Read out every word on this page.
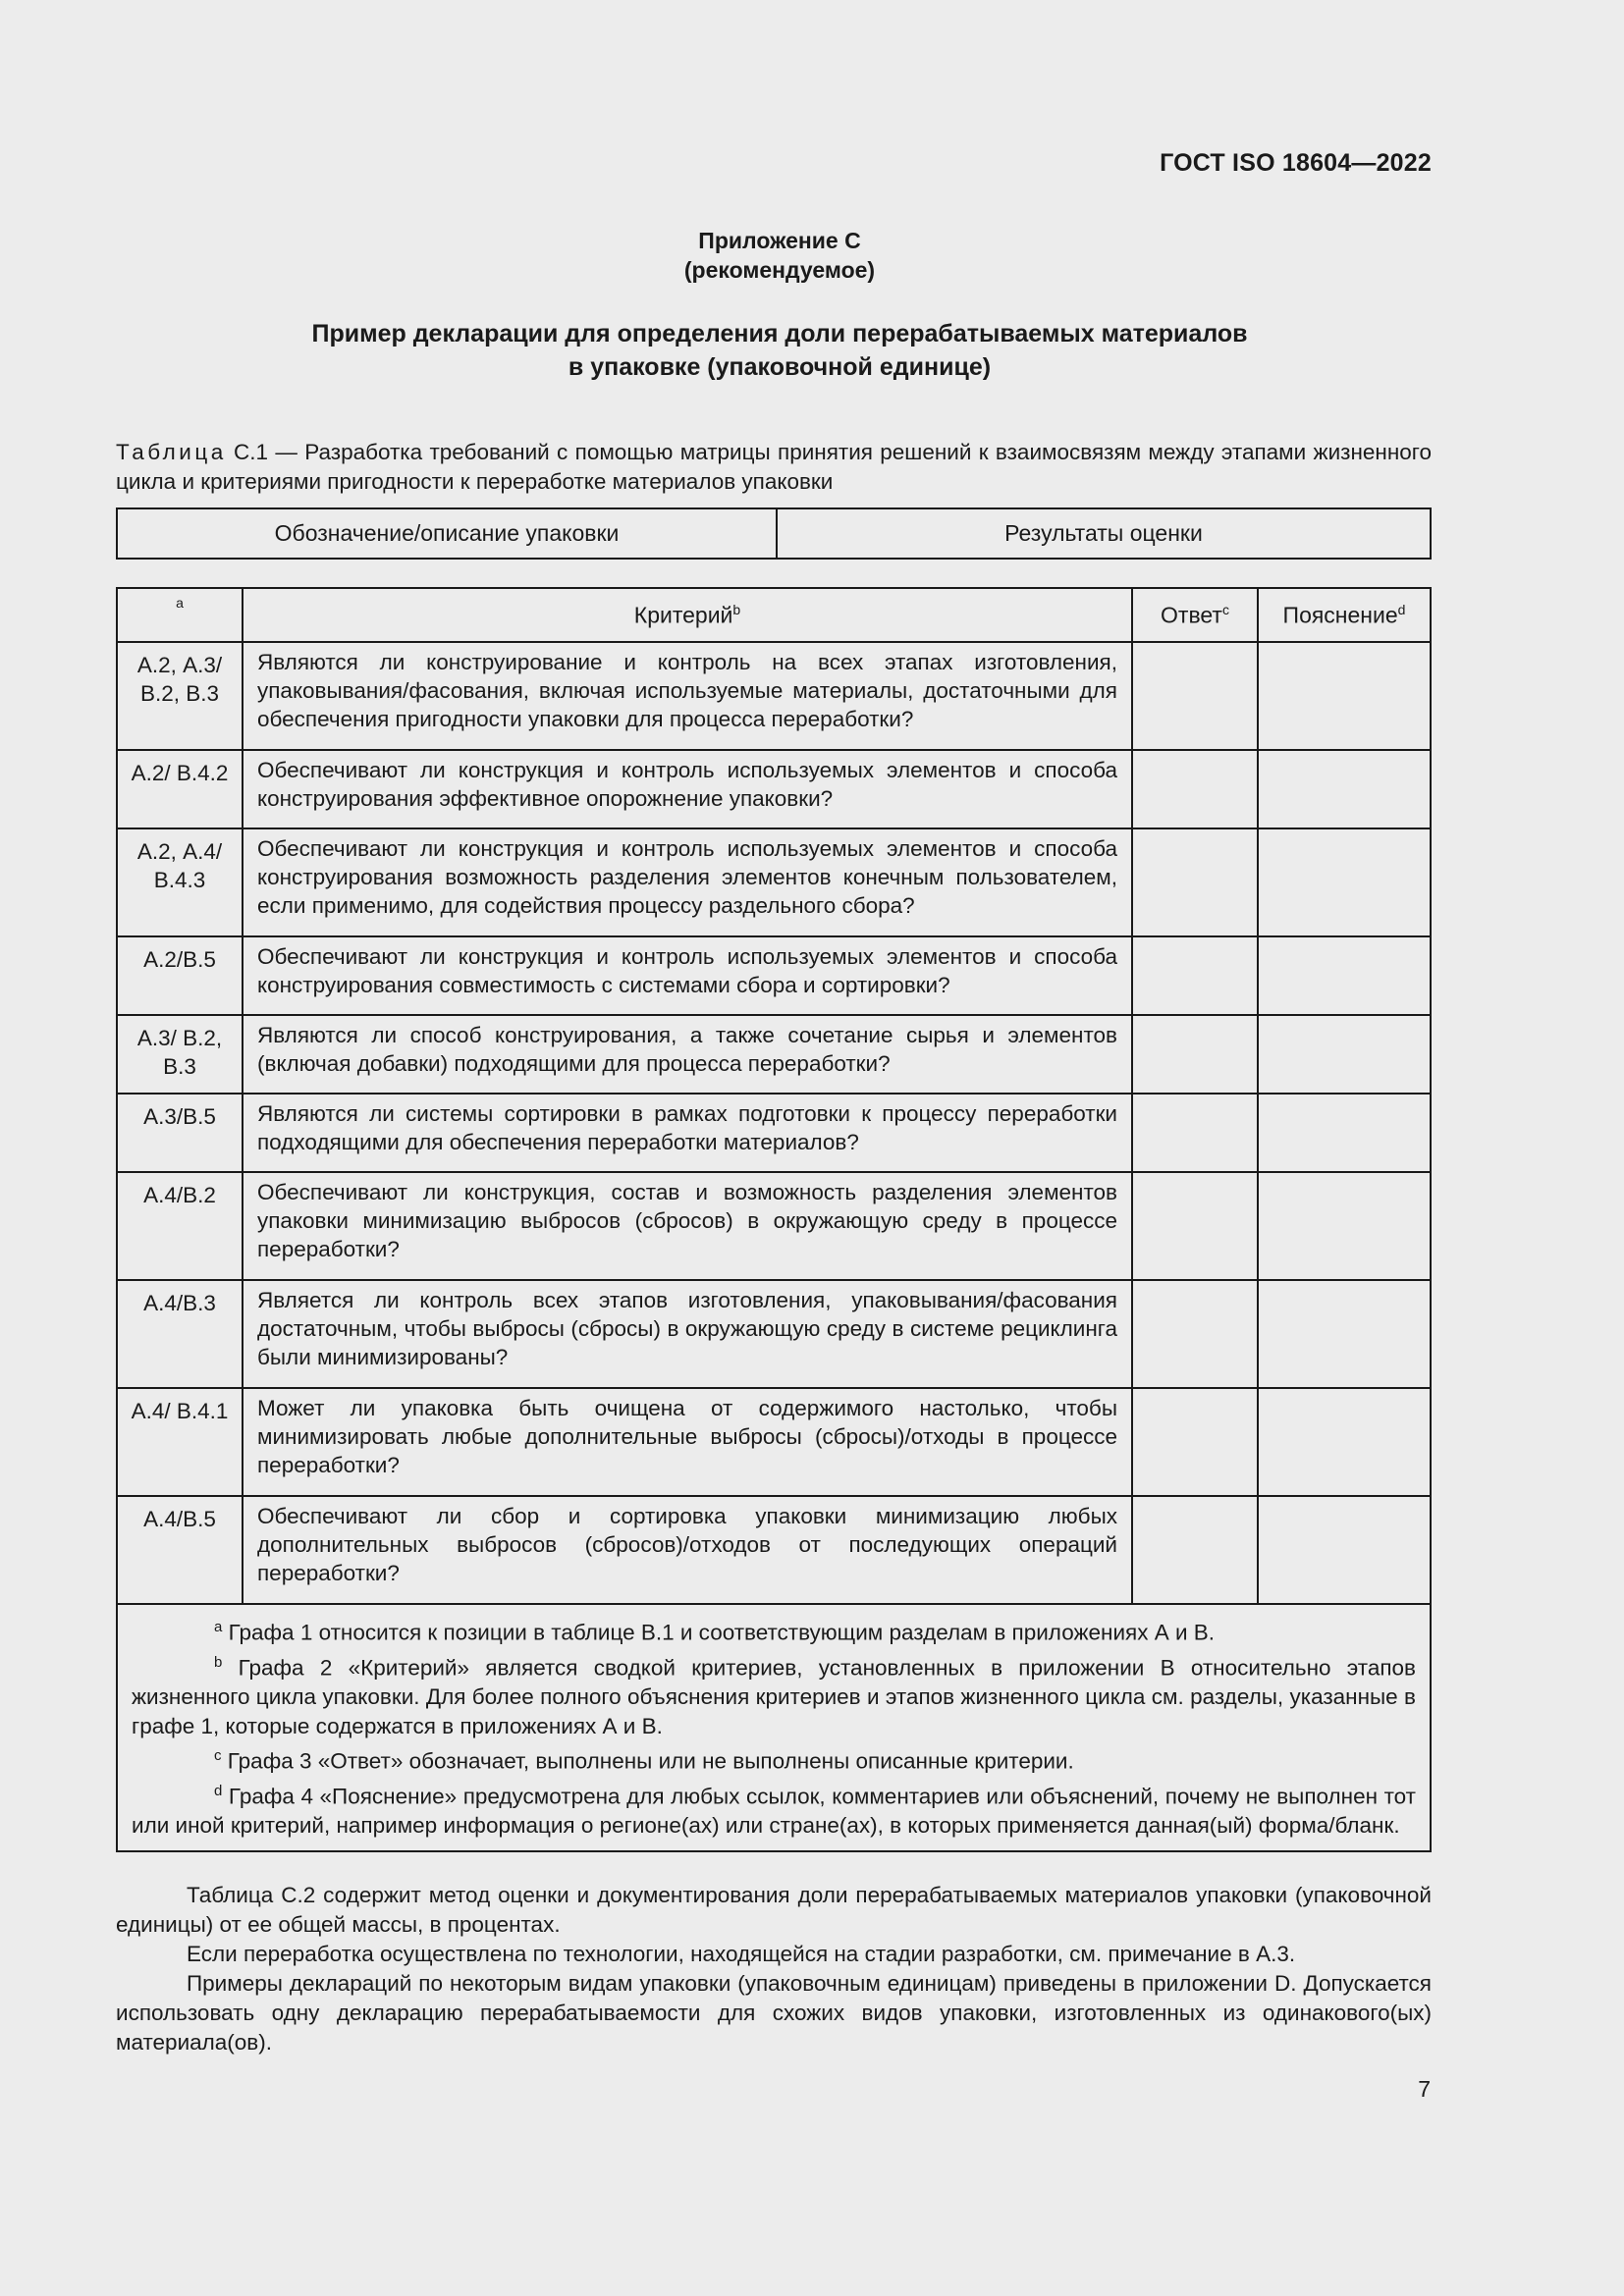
ГОСТ ISO 18604—2022
Приложение С
(рекомендуемое)
Пример декларации для определения доли перерабатываемых материалов
в упаковке (упаковочной единице)
Таблица С.1 — Разработка требований с помощью матрицы принятия решений к взаимосвязям между этапами жизненного цикла и критериями пригодности к переработке материалов упаковки
Обозначение/описание упаковки	Результаты оценки
$^a$	Критерий$^b$	Ответ$^c$	Пояснение$^d$
А.2, А.3/В.2, В.3	Являются ли конструирование и контроль на всех этапах изготовления, упаковывания/фасования, включая используемые материалы, достаточными для обеспечения пригодности упаковки для процесса переработки?		
А.2/ В.4.2	Обеспечивают ли конструкция и контроль используемых элементов и способа конструирования эффективное опорожнение упаковки?		
А.2, А.4/ В.4.3	Обеспечивают ли конструкция и контроль используемых элементов и способа конструирования возможность разделения элементов конечным пользователем, если применимо, для содействия процессу раздельного сбора?		
А.2/В.5	Обеспечивают ли конструкция и контроль используемых элементов и способа конструирования совместимость с системами сбора и сортировки?		
А.3/ В.2, В.3	Являются ли способ конструирования, а также сочетание сырья и элементов (включая добавки) подходящими для процесса переработки?		
А.3/В.5	Являются ли системы сортировки в рамках подготовки к процессу переработки подходящими для обеспечения переработки материалов?		
А.4/В.2	Обеспечивают ли конструкция, состав и возможность разделения элементов упаковки минимизацию выбросов (сбросов) в окружающую среду в процессе переработки?		
А.4/В.3	Является ли контроль всех этапов изготовления, упаковывания/фасования достаточным, чтобы выбросы (сбросы) в окружающую среду в системе рециклинга были минимизированы?		
А.4/ В.4.1	Может ли упаковка быть очищена от содержимого настолько, чтобы минимизировать любые дополнительные выбросы (сбросы)/отходы в процессе переработки?		
А.4/В.5	Обеспечивают ли сбор и сортировка упаковки минимизацию любых дополнительных выбросов (сбросов)/отходов от последующих операций переработки?		

$^a$ Графа 1 относится к позиции в таблице В.1 и соответствующим разделам в приложениях А и В.
$^b$ Графа 2 «Критерий» является сводкой критериев, установленных в приложении В относительно этапов жизненного цикла упаковки. Для более полного объяснения критериев и этапов жизненного цикла см. разделы, указанные в графе 1, которые содержатся в приложениях А и В.
$^c$ Графа 3 «Ответ» обозначает, выполнены или не выполнены описанные критерии.
$^d$ Графа 4 «Пояснение» предусмотрена для любых ссылок, комментариев или объяснений, почему не выполнен тот или иной критерий, например информация о регионе(ах) или стране(ах), в которых применяется данная(ый) форма/бланк.			

Таблица С.2 содержит метод оценки и документирования доли перерабатываемых материалов упаковки (упаковочной единицы) от ее общей массы, в процентах.

Если переработка осуществлена по технологии, находящейся на стадии разработки, см. примечание в А.3.

Примеры деклараций по некоторым видам упаковки (упаковочным единицам) приведены в приложении D. Допускается использовать одну декларацию перерабатываемости для схожих видов упаковки, изготовленных из одинакового(ых) материала(ов).

7
